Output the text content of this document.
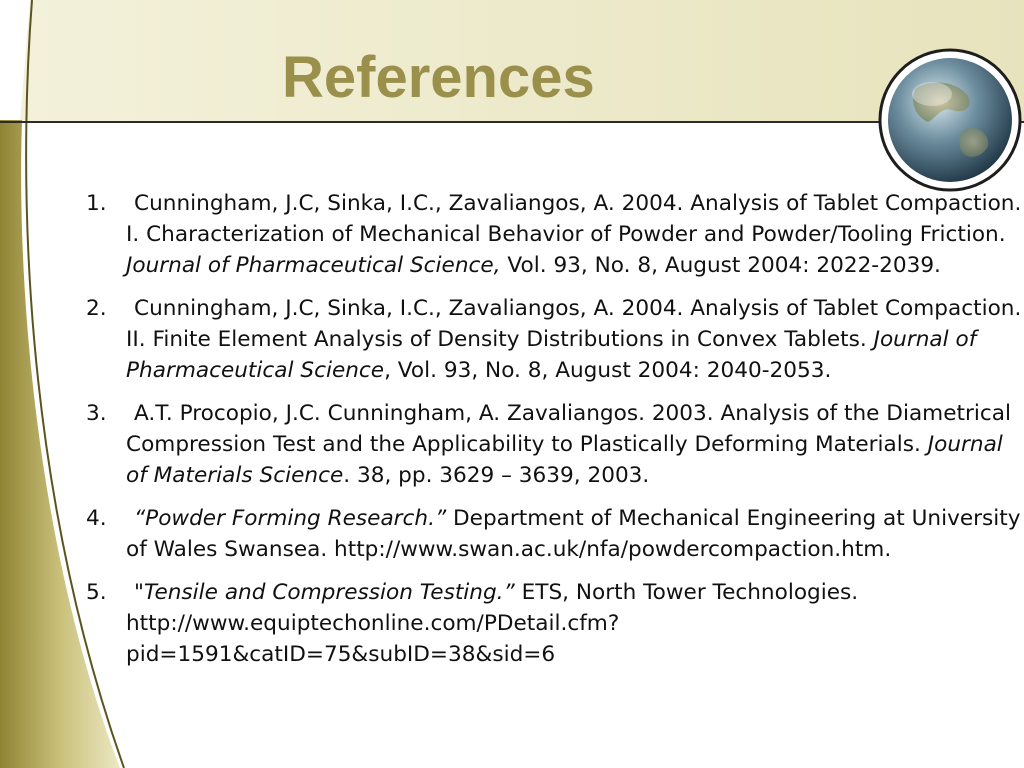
References
1.	Cunningham, J.C, Sinka, I.C., Zavaliangos, A. 2004. Analysis of Tablet Compaction. I. Characterization of Mechanical Behavior of Powder and Powder/Tooling Friction. Journal of Pharmaceutical Science, Vol. 93, No. 8, August 2004: 2022-2039.
2.	Cunningham, J.C, Sinka, I.C., Zavaliangos, A. 2004. Analysis of Tablet Compaction. II. Finite Element Analysis of Density Distributions in Convex Tablets. Journal of Pharmaceutical Science, Vol. 93, No. 8, August 2004: 2040-2053.
3.	A.T. Procopio, J.C. Cunningham, A. Zavaliangos. 2003. Analysis of the Diametrical Compression Test and the Applicability to Plastically Deforming Materials. Journal of Materials Science. 38, pp. 3629 – 3639, 2003.
4.	“Powder Forming Research.” Department of Mechanical Engineering at University of Wales Swansea. http://www.swan.ac.uk/nfa/powdercompaction.htm.
5.	"Tensile and Compression Testing.” ETS, North Tower Technologies. http://www.equiptechonline.com/PDetail.cfm?pid=1591&catID=75&subID=38&sid=6
